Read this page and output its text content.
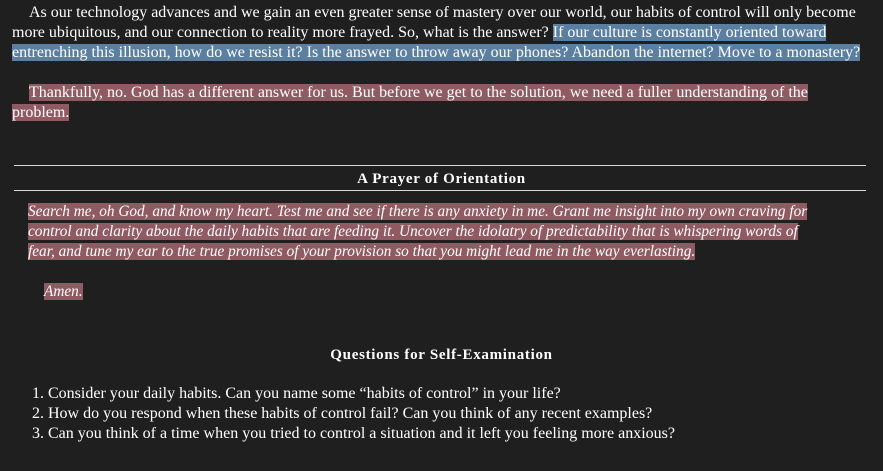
As our technology advances and we gain an even greater sense of mastery over our world, our habits of control will only become more ubiquitous, and our connection to reality more frayed. So, what is the answer? If our culture is constantly oriented toward entrenching this illusion, how do we resist it? Is the answer to throw away our phones? Abandon the internet? Move to a monastery?

Thankfully, no. God has a different answer for us. But before we get to the solution, we need a fuller understanding of the problem.

A Prayer of Orientation

Search me, oh God, and know my heart. Test me and see if there is any anxiety in me. Grant me insight into my own craving for control and clarity about the daily habits that are feeding it. Uncover the idolatry of predictability that is whispering words of fear, and tune my ear to the true promises of your provision so that you might lead me in the way everlasting.

Amen.

Questions for Self-Examination

1. Consider your daily habits. Can you name some “habits of control” in your life?
2. How do you respond when these habits of control fail? Can you think of any recent examples?
3. Can you think of a time when you tried to control a situation and it left you feeling more anxious?
